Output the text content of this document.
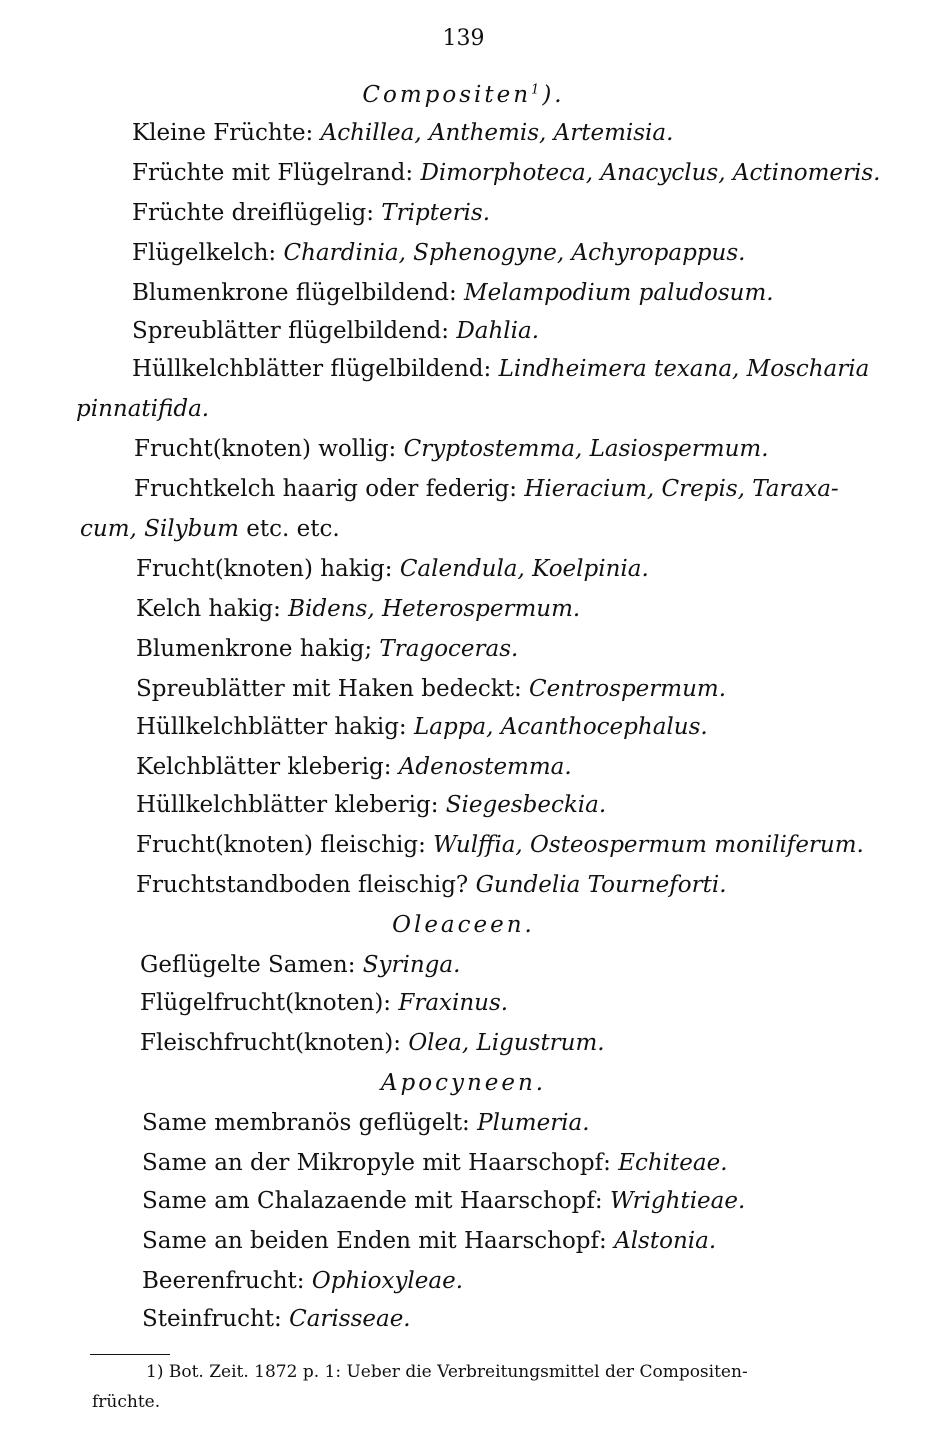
139
Compositen$^1$).
Kleine Früchte: Achillea, Anthemis, Artemisia.
Früchte mit Flügelrand: Dimorphoteca, Anacyclus, Actinomeris.
Früchte dreiflügelig: Tripteris.
Flügelkelch: Chardinia, Sphenogyne, Achyropappus.
Blumenkrone flügelbildend: Melampodium paludosum.
Spreublätter flügelbildend: Dahlia.
Hüllkelchblätter flügelbildend: Lindheimera texana, Moscharia
pinnatifida.
Frucht(knoten) wollig: Cryptostemma, Lasiospermum.
Fruchtkelch haarig oder federig: Hieracium, Crepis, Taraxa-
cum, Silybum etc. etc.
Frucht(knoten) hakig: Calendula, Koelpinia.
Kelch hakig: Bidens, Heterospermum.
Blumenkrone hakig; Tragoceras.
Spreublätter mit Haken bedeckt: Centrospermum.
Hüllkelchblätter hakig: Lappa, Acanthocephalus.
Kelchblätter kleberig: Adenostemma.
Hüllkelchblätter kleberig: Siegesbeckia.
Frucht(knoten) fleischig: Wulffia, Osteospermum moniliferum.
Fruchtstandboden fleischig? Gundelia Tourneforti.
Oleaceen.
Geflügelte Samen: Syringa.
Flügelfrucht(knoten): Fraxinus.
Fleischfrucht(knoten): Olea, Ligustrum.
Apocyneen.
Same membranös geflügelt: Plumeria.
Same an der Mikropyle mit Haarschopf: Echiteae.
Same am Chalazaende mit Haarschopf: Wrightieae.
Same an beiden Enden mit Haarschopf: Alstonia.
Beerenfrucht: Ophioxyleae.
Steinfrucht: Carisseae.
1) Bot. Zeit. 1872 p. 1: Ueber die Verbreitungsmittel der Compositen-
früchte.
